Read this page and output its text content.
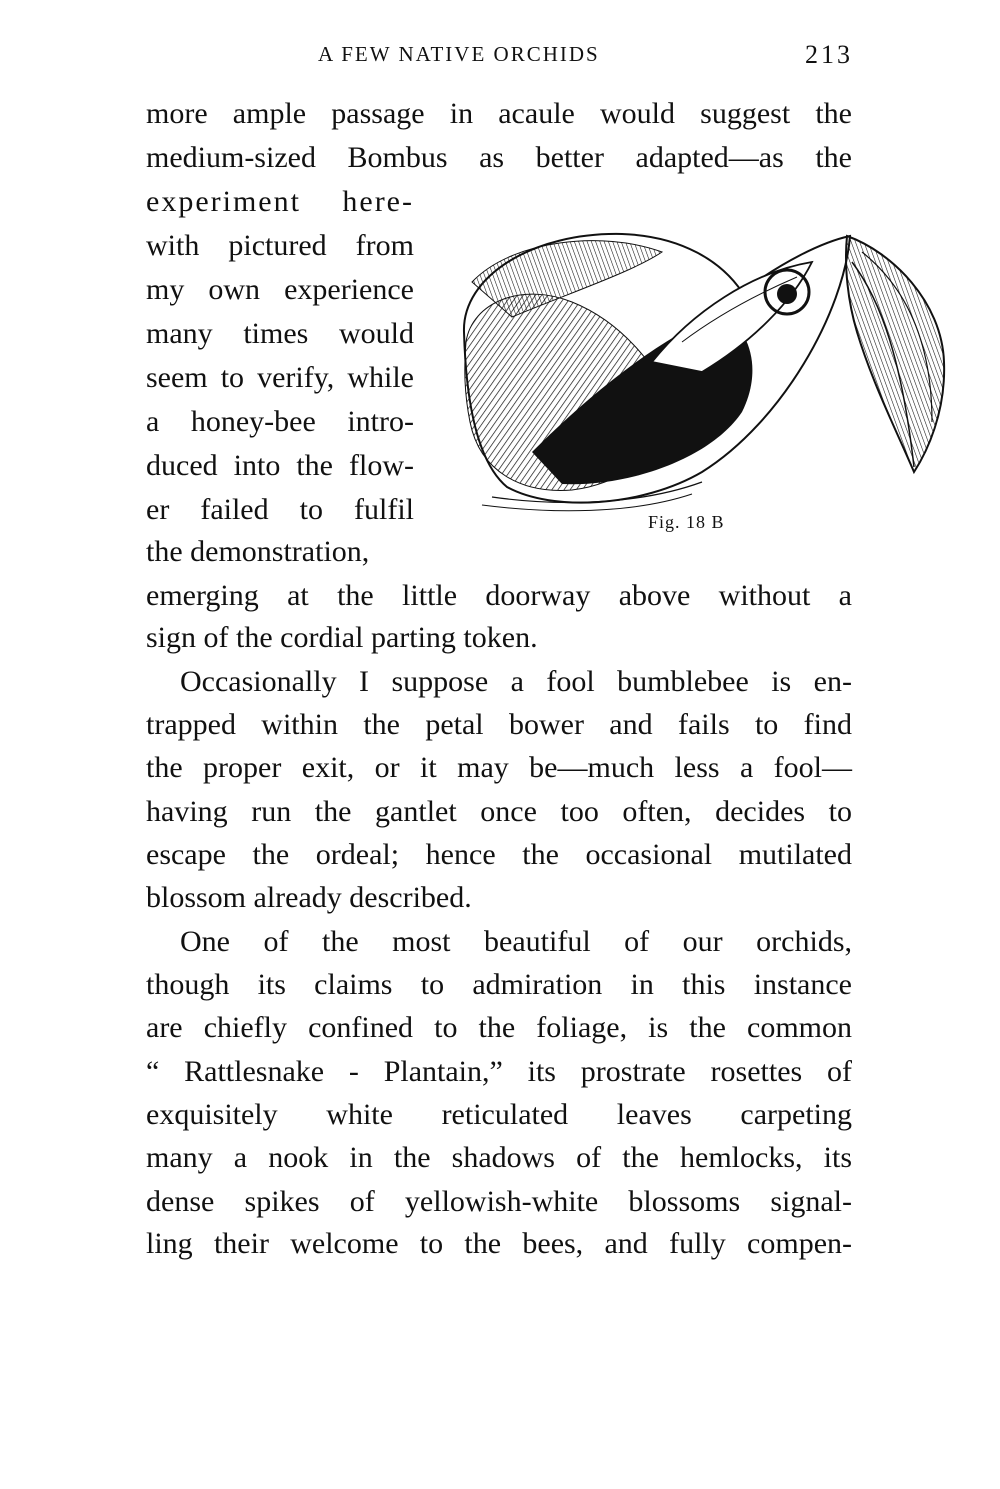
A FEW NATIVE ORCHIDS	213
more ample passage in acaule would suggest the
medium-sized Bombus as better adapted—as the
experiment here-
with pictured from
my own experience
many times would
seem to verify, while
a honey-bee intro-
duced into the flow-
er failed to fulfil
the demonstration,
emerging at the little doorway above without a
sign of the cordial parting token.
Occasionally I suppose a fool bumblebee is en-
trapped within the petal bower and fails to find
the proper exit, or it may be—much less a fool—
having run the gantlet once too often, decides to
escape the ordeal; hence the occasional mutilated
blossom already described.
One of the most beautiful of our orchids,
though its claims to admiration in this instance
are chiefly confined to the foliage, is the common
“ Rattlesnake - Plantain,” its prostrate rosettes of
exquisitely white reticulated leaves carpeting
many a nook in the shadows of the hemlocks, its
dense spikes of yellowish-white blossoms signal-
ling their welcome to the bees, and fully compen-
Fig. 18 B
